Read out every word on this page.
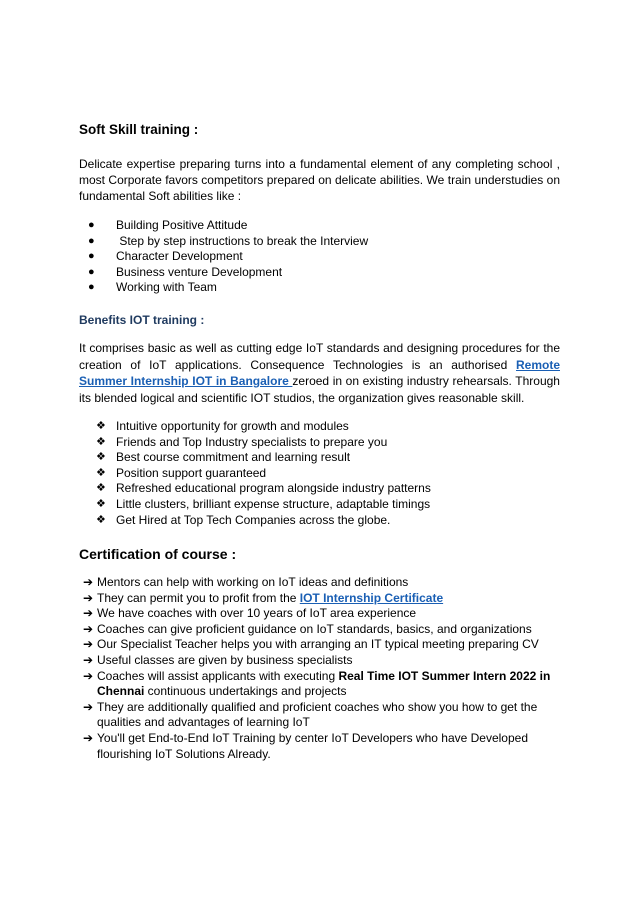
Soft Skill training :

Delicate expertise preparing turns into a fundamental element of any completing school , most Corporate favors competitors prepared on delicate abilities. We train understudies on fundamental Soft abilities like :

●	Building Positive Attitude
●	Step by step instructions to break the Interview
●	Character Development
●	Business venture Development
●	Working with Team
Benefits IOT training :

It comprises basic as well as cutting edge IoT standards and designing procedures for the creation of IoT applications. Consequence Technologies is an authorised Remote Summer Internship IOT in Bangalore zeroed in on existing industry rehearsals. Through its blended logical and scientific IOT studios, the organization gives reasonable skill.

❖ Intuitive opportunity for growth and modules
❖ Friends and Top Industry specialists to prepare you
❖ Best course commitment and learning result
❖ Position support guaranteed
❖ Refreshed educational program alongside industry patterns
❖ Little clusters, brilliant expense structure, adaptable timings
❖ Get Hired at Top Tech Companies across the globe.
Certification of course :
➔ Mentors can help with working on IoT ideas and definitions
➔ They can permit you to profit from the IOT Internship Certificate
➔ We have coaches with over 10 years of IoT area experience
➔ Coaches can give proficient guidance on IoT standards, basics, and organizations
➔ Our Specialist Teacher helps you with arranging an IT typical meeting preparing CV
➔ Useful classes are given by business specialists
➔ Coaches will assist applicants with executing Real Time IOT Summer Intern 2022 in Chennai continuous undertakings and projects
➔ They are additionally qualified and proficient coaches who show you how to get the qualities and advantages of learning IoT
➔ You'll get End-to-End IoT Training by center IoT Developers who have Developed flourishing IoT Solutions Already.
